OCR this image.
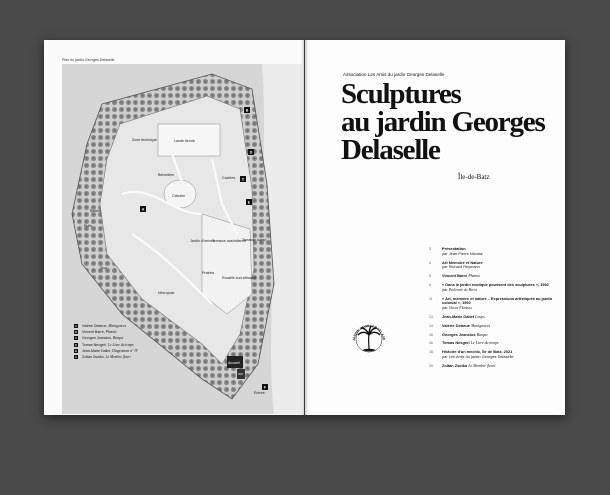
Plan du jardin Georges Delaselle
Zone technique	Lande fleurie
Belvédère
Cactées
Calvaire
Bassin
Puits
Jardin d'herbes
Terrasse australienne
Terrasse ouest
Tour
Prairies
Rocaille sud-africaine
Nécropole
Accueil
WC
Entrée
A
B
C
D
E
F
A Valérie Delarue, Manigances
B Vincent Barré, Phœnix
C Georges Jeanclos, Barque
D Tomas Nexgerl, Le Livre du temps
E Jean-Marie Dallet, Diagramme n° IV
F Zoltán Zsolkó, Le Membre fleuri
Association Les Amis du jardin Georges Delaselle
Sculptures
au jardin Georges
Delaselle
Île-de-Batz
JARDIN GEORGES DELASE
3	Présentation
par Jean-Pierre Nicolas
4	Art Mémoire et Nature
par Richard Reymann
5	Vincent Barré Phœnix
6	« Dans le jardin exotique poussent des sculptures », 1992
par Ptolemée de Brest
11 « Art, mémoire et nature – Expressions artistiques au jardin colonial », 1992
par Oscar Flaneux
13 Jean-Marie Dallet Loups
14 Valérie Delarue Manigances
15 Georges Jeanclos Barque
16 Tomas Nexgerl Le Livre du temps
18 Histoire d'un mechic, Île de Batz, 2021
par Les Amis du jardin Georges Delaselle
20 Zoltán Zsolkó Le Membre fleuri
